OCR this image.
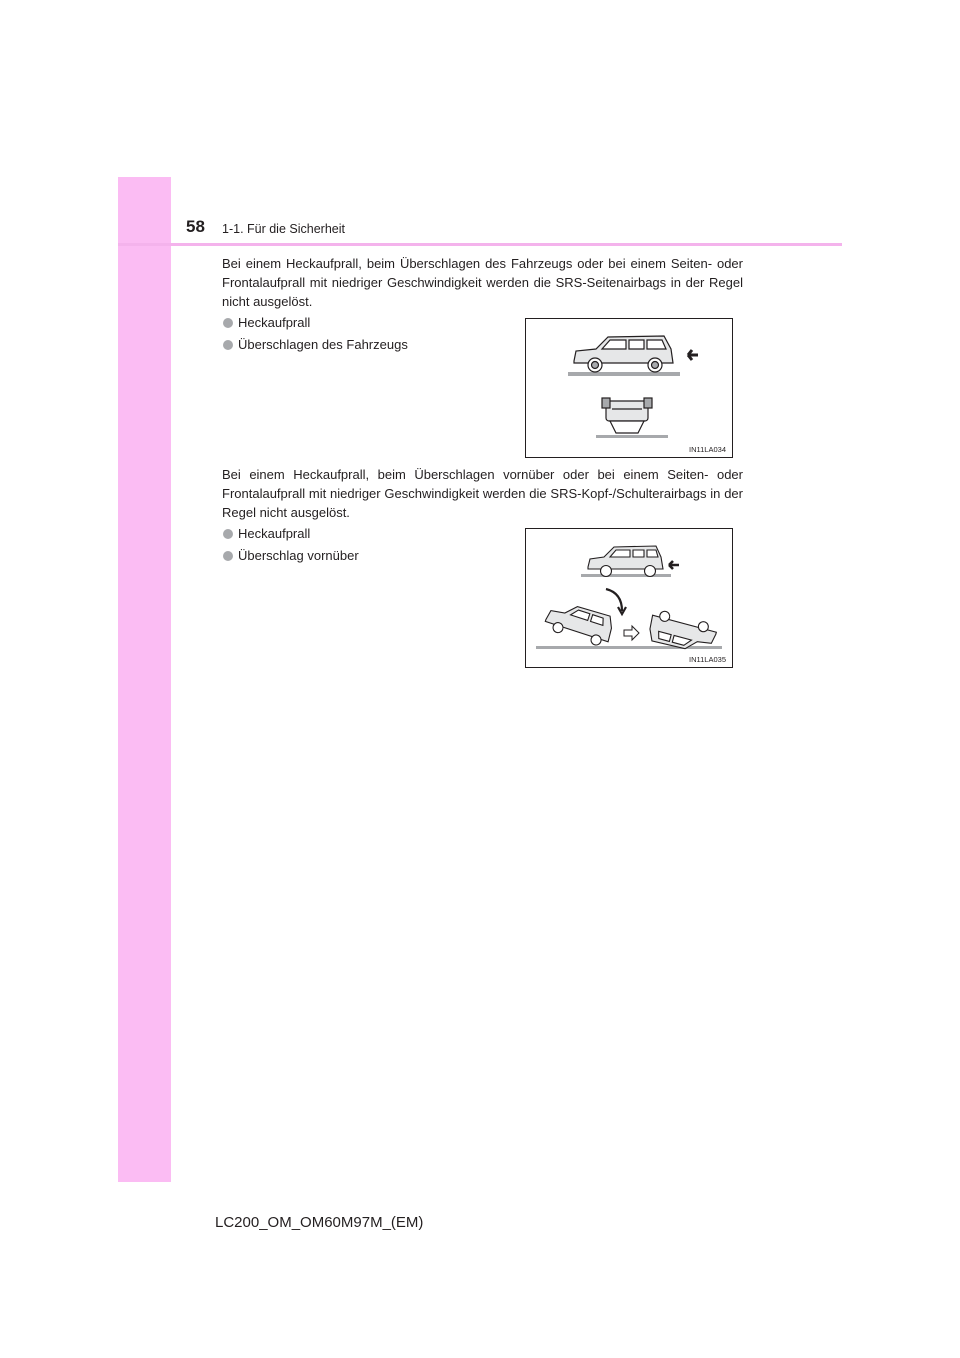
58 1-1. Für die Sicherheit

Bei einem Heckaufprall, beim Überschlagen des Fahrzeugs oder bei einem Seiten- oder Frontalaufprall mit niedriger Geschwindigkeit werden die SRS-Seitenairbags in der Regel nicht ausgelöst.

Heckaufprall
Überschlagen des Fahrzeugs
IN11LA034

Bei einem Heckaufprall, beim Überschlagen vornüber oder bei einem Seiten- oder Frontalaufprall mit niedriger Geschwindigkeit werden die SRS-Kopf-/Schulterairbags in der Regel nicht ausgelöst.

Heckaufprall
Überschlag vornüber
IN11LA035
LC200_OM_OM60M97M_(EM)
